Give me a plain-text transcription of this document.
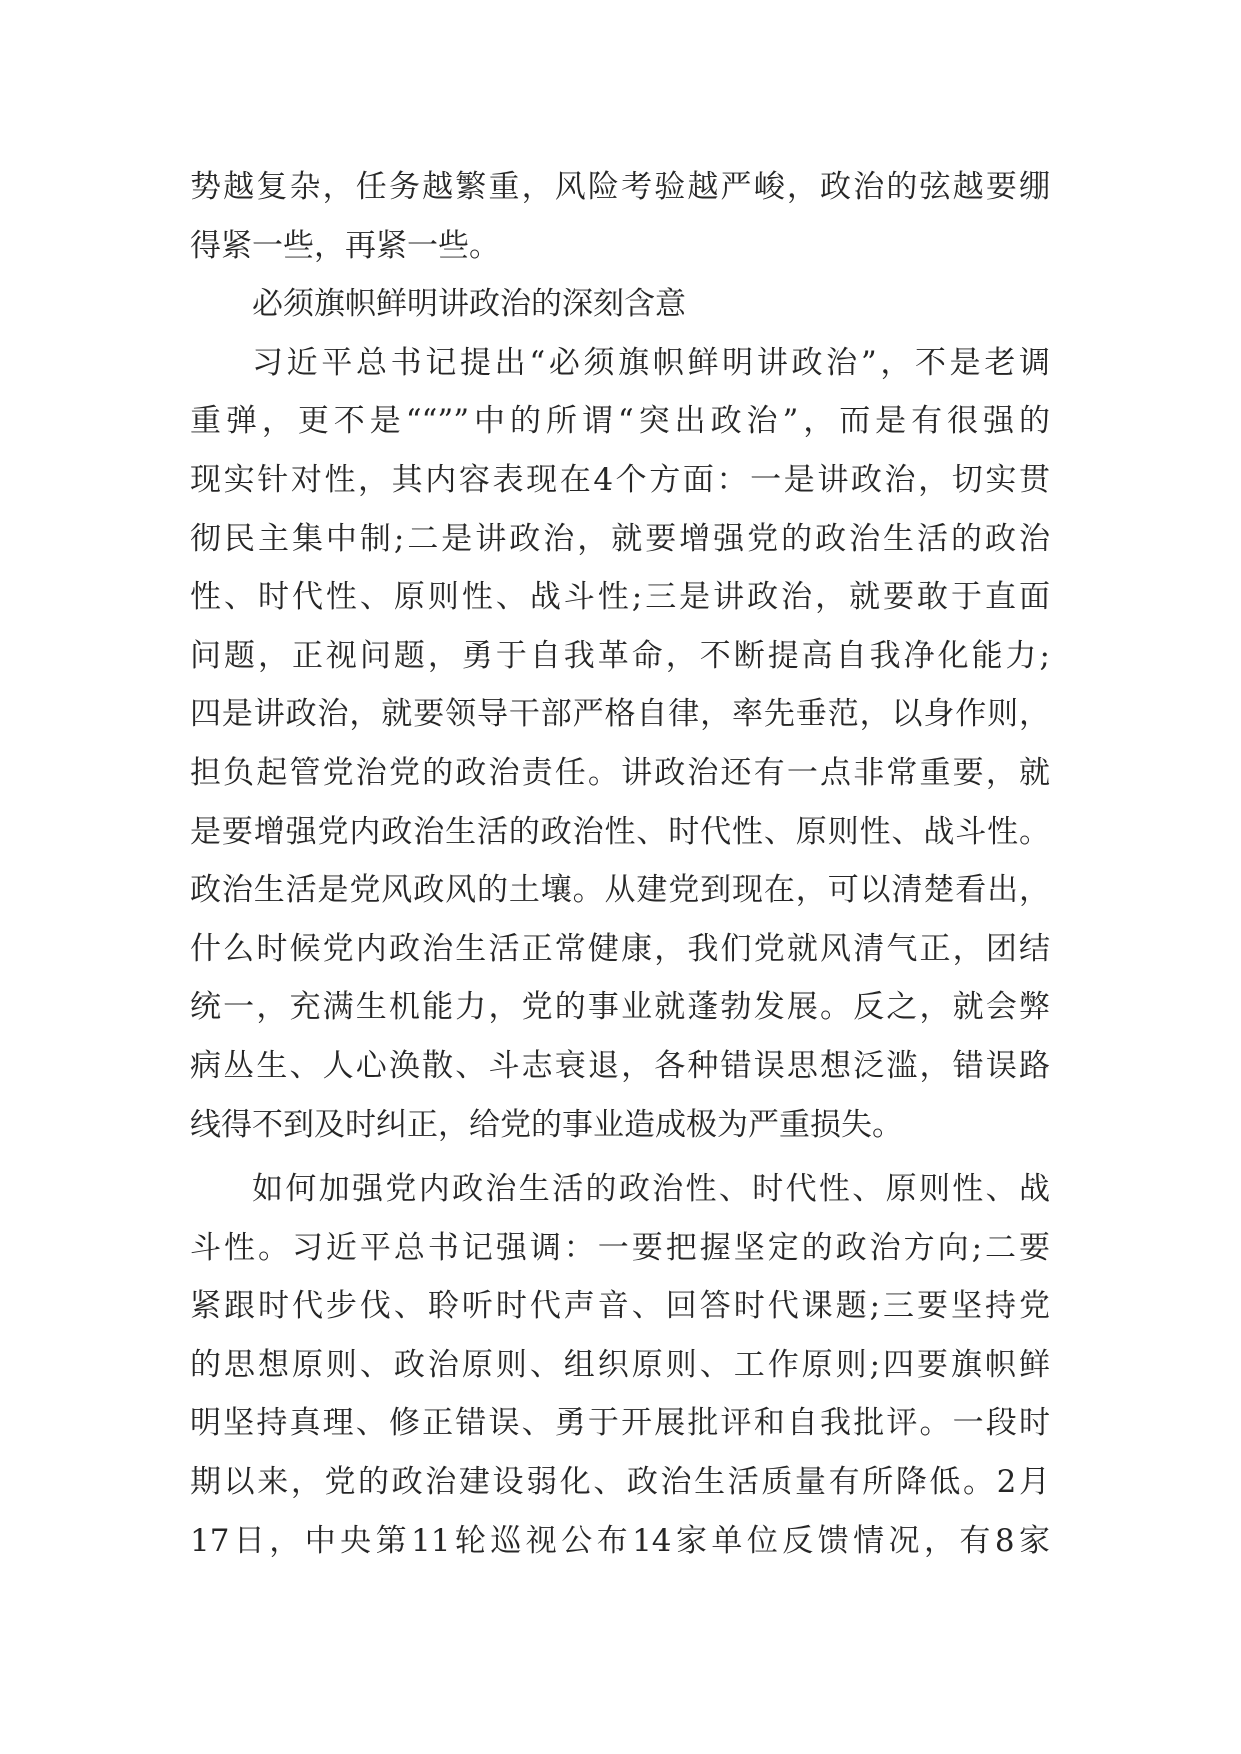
势越复杂，任务越繁重，风险考验越严峻，政治的弦越要绷
得紧一些，再紧一些。
必须旗帜鲜明讲政治的深刻含意
习近平总书记提出“必须旗帜鲜明讲政治”，不是老调
重弹，更不是““””中的所谓“突出政治”，而是有很强的
现实针对性，其内容表现在4个方面：一是讲政治，切实贯
彻民主集中制;二是讲政治，就要增强党的政治生活的政治
性、时代性、原则性、战斗性;三是讲政治，就要敢于直面
问题，正视问题，勇于自我革命，不断提高自我净化能力;
四是讲政治，就要领导干部严格自律，率先垂范，以身作则，
担负起管党治党的政治责任。讲政治还有一点非常重要，就
是要增强党内政治生活的政治性、时代性、原则性、战斗性。
政治生活是党风政风的土壤。从建党到现在，可以清楚看出，
什么时候党内政治生活正常健康，我们党就风清气正，团结
统一，充满生机能力，党的事业就蓬勃发展。反之，就会弊
病丛生、人心涣散、斗志衰退，各种错误思想泛滥，错误路
线得不到及时纠正，给党的事业造成极为严重损失。
如何加强党内政治生活的政治性、时代性、原则性、战
斗性。习近平总书记强调：一要把握坚定的政治方向;二要
紧跟时代步伐、聆听时代声音、回答时代课题;三要坚持党
的思想原则、政治原则、组织原则、工作原则;四要旗帜鲜
明坚持真理、修正错误、勇于开展批评和自我批评。一段时
期以来，党的政治建设弱化、政治生活质量有所降低。2月
17日，中央第11轮巡视公布14家单位反馈情况，有8家
